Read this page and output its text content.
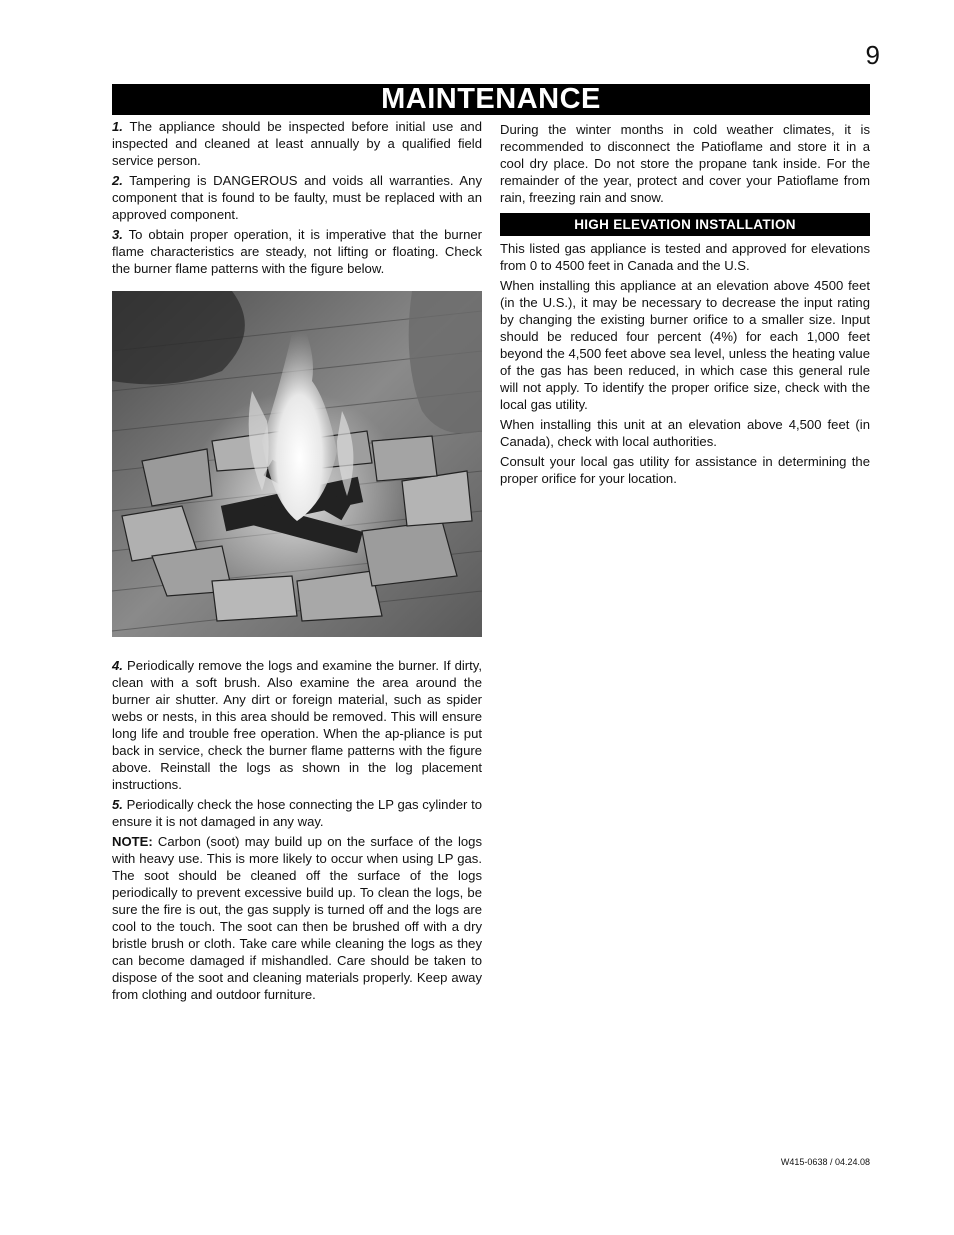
9
MAINTENANCE

1. The appliance should be inspected before initial use and inspected and cleaned at least annually by a qualified field service person.

2. Tampering is DANGEROUS and voids all warranties. Any component that is found to be faulty, must be replaced with an approved component.

3. To obtain proper operation, it is imperative that the burner flame characteristics are steady, not lifting or floating. Check the burner flame patterns with the figure below.

4. Periodically remove the logs and examine the burner. If dirty, clean with a soft brush. Also examine the area around the burner air shutter. Any dirt or foreign material, such as spider webs or nests, in this area should be removed. This will ensure long life and trouble free operation. When the ap-pliance is put back in service, check the burner flame patterns with the figure above. Reinstall the logs as shown in the log placement instructions.

5. Periodically check the hose connecting the LP gas cylinder to ensure it is not damaged in any way.

NOTE: Carbon (soot) may build up on the surface of the logs with heavy use. This is more likely to occur when using LP gas. The soot should be cleaned off the surface of the logs periodically to prevent excessive build up. To clean the logs, be sure the fire is out, the gas supply is turned off and the logs are cool to the touch. The soot can then be brushed off with a dry bristle brush or cloth. Take care while cleaning the logs as they can become damaged if mishandled. Care should be taken to dispose of the soot and cleaning materials properly. Keep away from clothing and outdoor furniture.

During the winter months in cold weather climates, it is recommended to disconnect the Patioflame and store it in a cool dry place. Do not store the propane tank inside. For the remainder of the year, protect and cover your Patioflame from rain, freezing rain and snow.

HIGH ELEVATION INSTALLATION

This listed gas appliance is tested and approved for elevations from 0 to 4500 feet in Canada and the U.S.

When installing this appliance at an elevation above 4500 feet (in the U.S.), it may be necessary to decrease the input rating by changing the existing burner orifice to a smaller size. Input should be reduced four percent (4%) for each 1,000 feet beyond the 4,500 feet above sea level, unless the heating value of the gas has been reduced, in which case this general rule will not apply. To identify the proper orifice size, check with the local gas utility.

When installing this unit at an elevation above 4,500 feet (in Canada), check with local authorities.

Consult your local gas utility for assistance in determining the proper orifice for your location.

W415-0638 / 04.24.08
